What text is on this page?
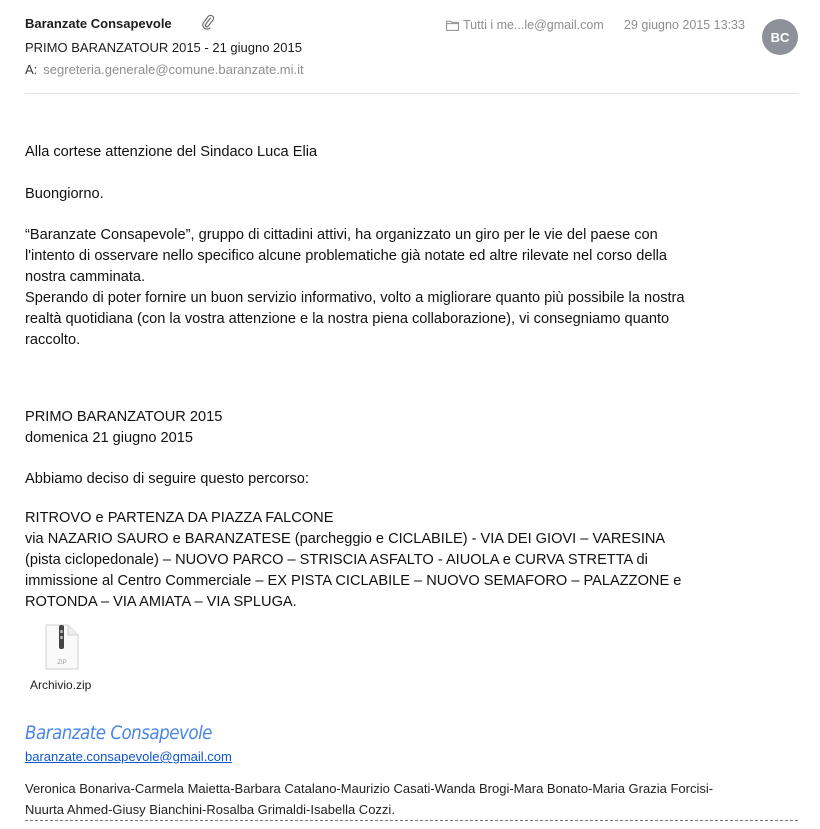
Baranzate Consapevole
PRIMO BARANZATOUR 2015 - 21 giugno 2015
A: segreteria.generale@comune.baranzate.mi.it
Tutti i me...le@gmail.com 29 giugno 2015 13:33
BC
Alla cortese attenzione del Sindaco Luca Elia
Buongiorno.
“Baranzate Consapevole”, gruppo di cittadini attivi, ha organizzato un giro per le vie del paese con
l'intento di osservare nello specifico alcune problematiche già notate ed altre rilevate nel corso della
nostra camminata.
Sperando di poter fornire un buon servizio informativo, volto a migliorare quanto più possibile la nostra
realtà quotidiana (con la vostra attenzione e la nostra piena collaborazione), vi consegniamo quanto
raccolto.
PRIMO BARANZATOUR 2015
domenica 21 giugno 2015
Abbiamo deciso di seguire questo percorso:
RITROVO e PARTENZA DA PIAZZA FALCONE
via NAZARIO SAURO e BARANZATESE (parcheggio e CICLABILE) - VIA DEI GIOVI – VARESINA
(pista ciclopedonale) – NUOVO PARCO – STRISCIA ASFALTO - AIUOLA e CURVA STRETTA di
immissione al Centro Commerciale – EX PISTA CICLABILE – NUOVO SEMAFORO – PALAZZONE e
ROTONDA – VIA AMIATA – VIA SPLUGA.
ZIP
Archivio.zip
Baranzate Consapevole
baranzate.consapevole@gmail.com
Veronica Bonariva-Carmela Maietta-Barbara Catalano-Maurizio Casati-Wanda Brogi-Mara Bonato-Maria Grazia Forcisi-
Nuurta Ahmed-Giusy Bianchini-Rosalba Grimaldi-Isabella Cozzi.
